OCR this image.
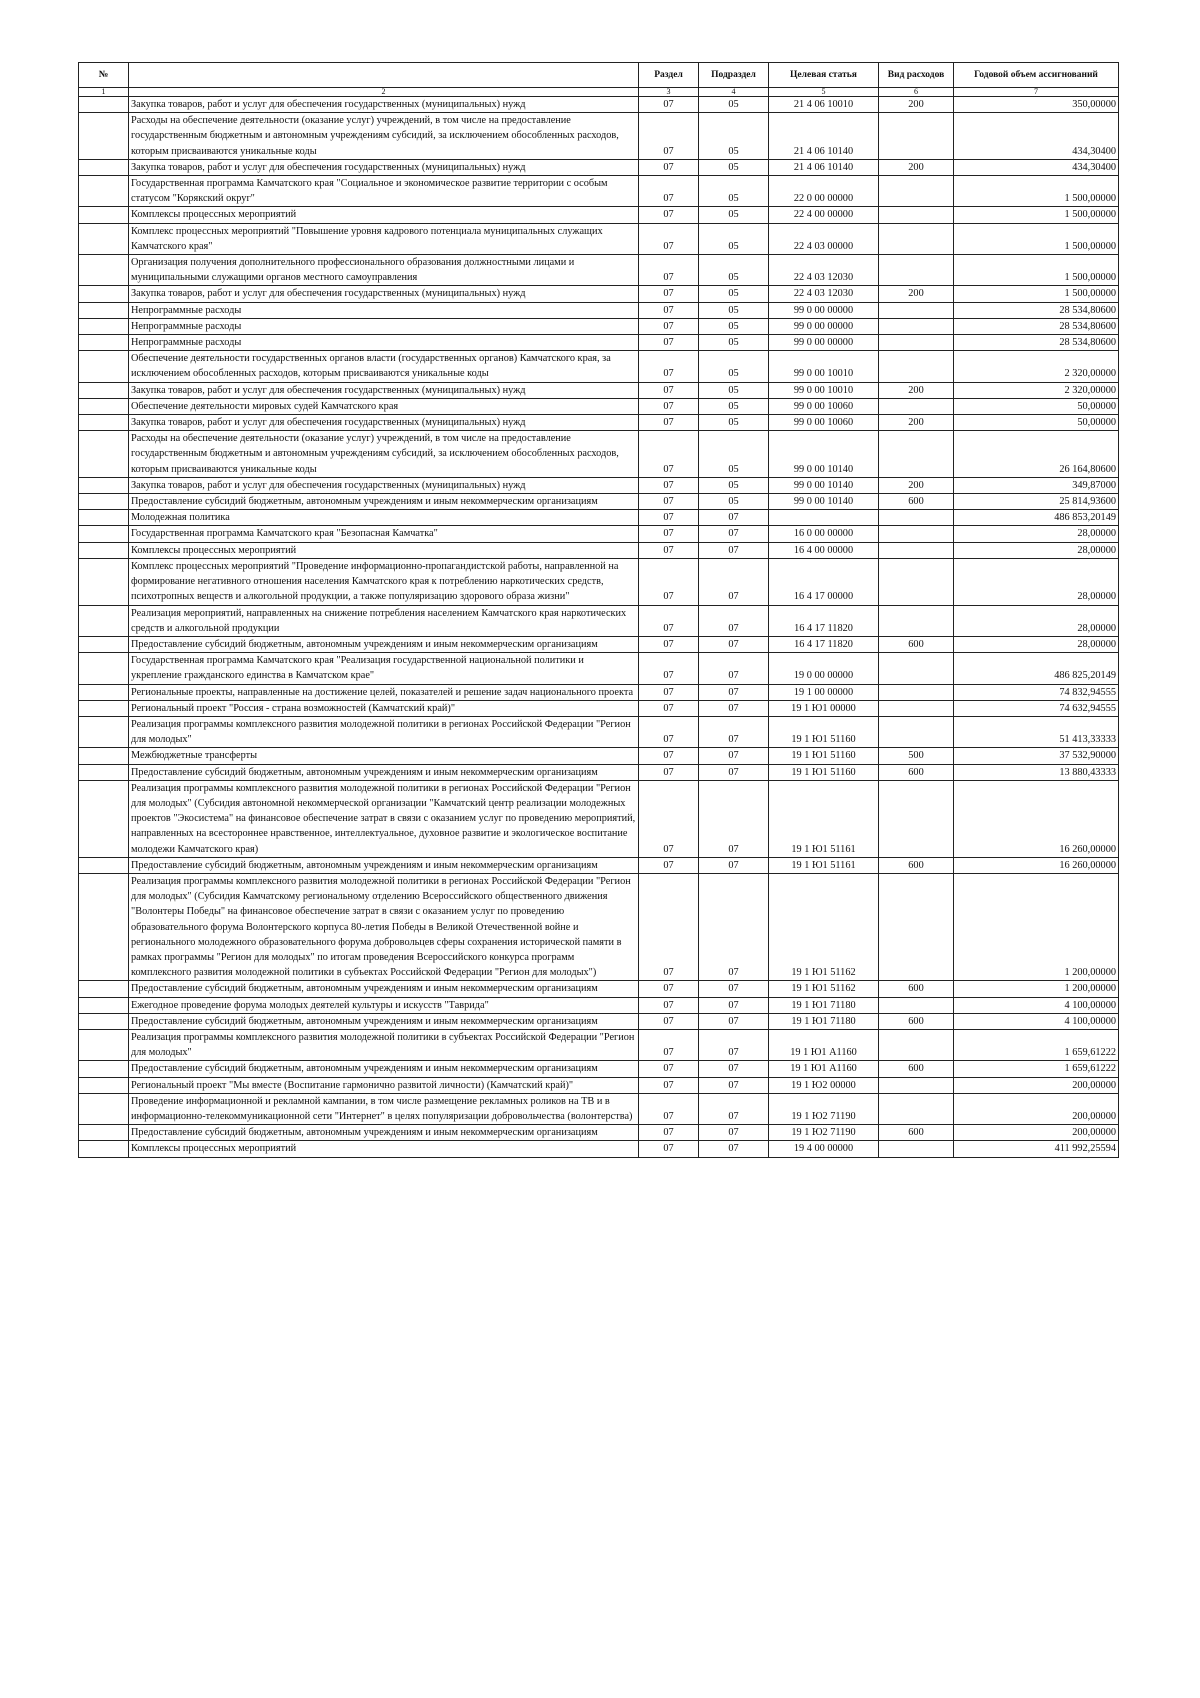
№		Раздел	Подраздел	Целевая статья	Вид расходов	Годовой объем ассигнований
1	2	3	4	5	6	7
	Закупка товаров, работ и услуг для обеспечения государственных (муниципальных) нужд	07	05	21 4 06 10010	200	350,00000
	Расходы на обеспечение деятельности (оказание услуг) учреждений, в том числе на предоставление государственным бюджетным и автономным учреждениям субсидий, за исключением обособленных расходов, которым присваиваются уникальные коды	07	05	21 4 06 10140		434,30400
	Закупка товаров, работ и услуг для обеспечения государственных (муниципальных) нужд	07	05	21 4 06 10140	200	434,30400
	Государственная программа Камчатского края "Социальное и экономическое развитие территории с особым статусом "Корякский округ"	07	05	22 0 00 00000		1 500,00000
	Комплексы процессных мероприятий	07	05	22 4 00 00000		1 500,00000
	Комплекс процессных мероприятий "Повышение уровня кадрового потенциала муниципальных служащих Камчатского края"	07	05	22 4 03 00000		1 500,00000
	Организация получения дополнительного профессионального образования должностными лицами и муниципальными служащими органов местного самоуправления	07	05	22 4 03 12030		1 500,00000
	Закупка товаров, работ и услуг для обеспечения государственных (муниципальных) нужд	07	05	22 4 03 12030	200	1 500,00000
	Непрограммные расходы	07	05	99 0 00 00000		28 534,80600
	Непрограммные расходы	07	05	99 0 00 00000		28 534,80600
	Непрограммные расходы	07	05	99 0 00 00000		28 534,80600
	Обеспечение деятельности государственных органов власти (государственных органов) Камчатского края, за исключением обособленных расходов, которым присваиваются уникальные коды	07	05	99 0 00 10010		2 320,00000
	Закупка товаров, работ и услуг для обеспечения государственных (муниципальных) нужд	07	05	99 0 00 10010	200	2 320,00000
	Обеспечение деятельности мировых судей Камчатского края	07	05	99 0 00 10060		50,00000
	Закупка товаров, работ и услуг для обеспечения государственных (муниципальных) нужд	07	05	99 0 00 10060	200	50,00000
	Расходы на обеспечение деятельности (оказание услуг) учреждений, в том числе на предоставление государственным бюджетным и автономным учреждениям субсидий, за исключением обособленных расходов, которым присваиваются уникальные коды	07	05	99 0 00 10140		26 164,80600
	Закупка товаров, работ и услуг для обеспечения государственных (муниципальных) нужд	07	05	99 0 00 10140	200	349,87000
	Предоставление субсидий бюджетным, автономным учреждениям и иным некоммерческим организациям	07	05	99 0 00 10140	600	25 814,93600
	Молодежная политика	07	07			486 853,20149
	Государственная программа Камчатского края "Безопасная Камчатка"	07	07	16 0 00 00000		28,00000
	Комплексы процессных мероприятий	07	07	16 4 00 00000		28,00000
	Комплекс процессных мероприятий "Проведение информационно-пропагандистской работы, направленной на формирование негативного отношения населения Камчатского края к потреблению наркотических средств, психотропных веществ и алкогольной продукции, а также популяризацию здорового образа жизни"	07	07	16 4 17 00000		28,00000
	Реализация мероприятий, направленных на снижение потребления населением Камчатского края наркотических средств и алкогольной продукции	07	07	16 4 17 11820		28,00000
	Предоставление субсидий бюджетным, автономным учреждениям и иным некоммерческим организациям	07	07	16 4 17 11820	600	28,00000
	Государственная программа Камчатского края "Реализация государственной национальной политики и укрепление гражданского единства в Камчатском крае"	07	07	19 0 00 00000		486 825,20149
	Региональные проекты, направленные на достижение целей, показателей и решение задач национального проекта	07	07	19 1 00 00000		74 832,94555
	Региональный проект "Россия - страна возможностей (Камчатский край)"	07	07	19 1 Ю1 00000		74 632,94555
	Реализация программы комплексного развития молодежной политики в регионах Российской Федерации "Регион для молодых"	07	07	19 1 Ю1 51160		51 413,33333
	Межбюджетные трансферты	07	07	19 1 Ю1 51160	500	37 532,90000
	Предоставление субсидий бюджетным, автономным учреждениям и иным некоммерческим организациям	07	07	19 1 Ю1 51160	600	13 880,43333
	Реализация программы комплексного развития молодежной политики в регионах Российской Федерации "Регион для молодых" (Субсидия автономной некоммерческой организации "Камчатский центр реализации молодежных проектов "Экосистема" на финансовое обеспечение затрат в связи с оказанием услуг по проведению мероприятий, направленных на всестороннее нравственное, интеллектуальное, духовное развитие и экологическое воспитание молодежи Камчатского края)	07	07	19 1 Ю1 51161		16 260,00000
	Предоставление субсидий бюджетным, автономным учреждениям и иным некоммерческим организациям	07	07	19 1 Ю1 51161	600	16 260,00000
	Реализация программы комплексного развития молодежной политики в регионах Российской Федерации "Регион для молодых" (Субсидия Камчатскому региональному отделению Всероссийского общественного движения "Волонтеры Победы" на финансовое обеспечение затрат в связи с оказанием услуг по проведению образовательного форума Волонтерского корпуса 80-летия Победы в Великой Отечественной войне и регионального молодежного образовательного форума добровольцев сферы сохранения исторической памяти в рамках программы "Регион для молодых" по итогам проведения Всероссийского конкурса программ комплексного развития молодежной политики в субъектах Российской Федерации "Регион для молодых")	07	07	19 1 Ю1 51162		1 200,00000
	Предоставление субсидий бюджетным, автономным учреждениям и иным некоммерческим организациям	07	07	19 1 Ю1 51162	600	1 200,00000
	Ежегодное проведение форума молодых деятелей культуры и искусств "Таврида"	07	07	19 1 Ю1 71180		4 100,00000
	Предоставление субсидий бюджетным, автономным учреждениям и иным некоммерческим организациям	07	07	19 1 Ю1 71180	600	4 100,00000
	Реализация программы комплексного развития молодежной политики в субъектах Российской Федерации "Регион для молодых"	07	07	19 1 Ю1 А1160		1 659,61222
	Предоставление субсидий бюджетным, автономным учреждениям и иным некоммерческим организациям	07	07	19 1 Ю1 А1160	600	1 659,61222
	Региональный проект "Мы вместе (Воспитание гармонично развитой личности) (Камчатский край)"	07	07	19 1 Ю2 00000		200,00000
	Проведение информационной и рекламной кампании, в том числе размещение рекламных роликов на ТВ и в информационно-телекоммуникационной сети "Интернет" в целях популяризации добровольчества (волонтерства)	07	07	19 1 Ю2 71190		200,00000
	Предоставление субсидий бюджетным, автономным учреждениям и иным некоммерческим организациям	07	07	19 1 Ю2 71190	600	200,00000
	Комплексы процессных мероприятий	07	07	19 4 00 00000		411 992,25594
